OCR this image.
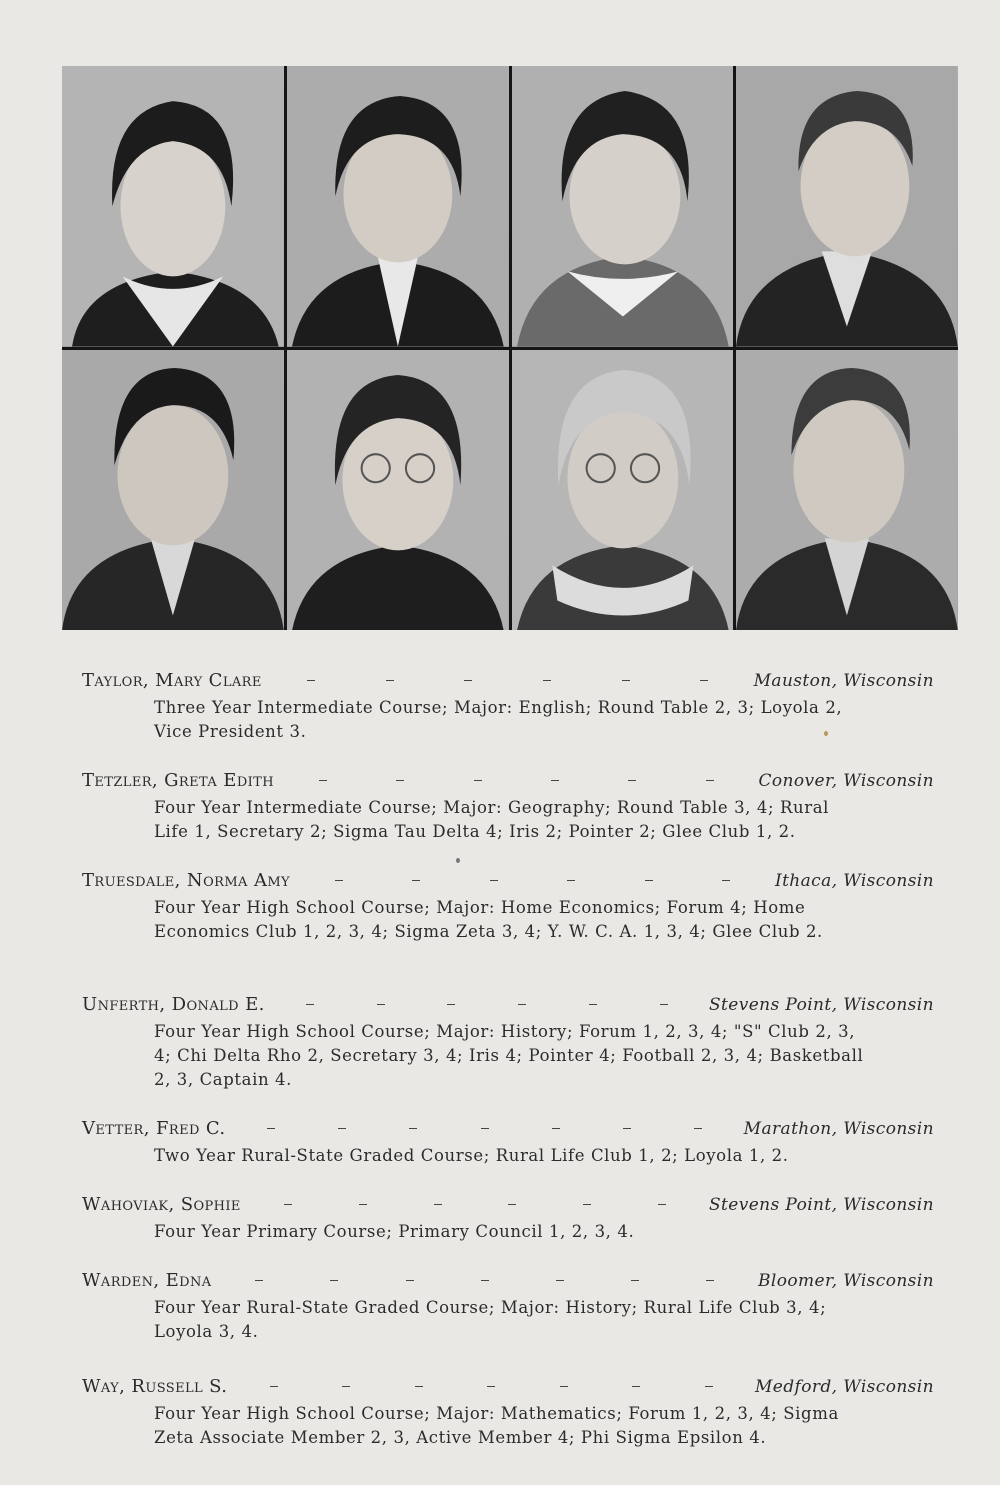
Taylor, Mary Clare	Mauston, Wisconsin
Three Year Intermediate Course; Major: English; Round Table 2, 3; Loyola 2, Vice President 3.
Tetzler, Greta Edith	Conover, Wisconsin
Four Year Intermediate Course; Major: Geography; Round Table 3, 4; Rural Life 1, Secretary 2; Sigma Tau Delta 4; Iris 2; Pointer 2; Glee Club 1, 2.
Truesdale, Norma Amy	Ithaca, Wisconsin
Four Year High School Course; Major: Home Economics; Forum 4; Home Economics Club 1, 2, 3, 4; Sigma Zeta 3, 4; Y. W. C. A. 1, 3, 4; Glee Club 2.
Unferth, Donald E.	Stevens Point, Wisconsin
Four Year High School Course; Major: History; Forum 1, 2, 3, 4; "S" Club 2, 3, 4; Chi Delta Rho 2, Secretary 3, 4; Iris 4; Pointer 4; Football 2, 3, 4; Basketball 2, 3, Captain 4.
Vetter, Fred C.	Marathon, Wisconsin
Two Year Rural-State Graded Course; Rural Life Club 1, 2; Loyola 1, 2.
Wahoviak, Sophie	Stevens Point, Wisconsin
Four Year Primary Course; Primary Council 1, 2, 3, 4.
Warden, Edna	Bloomer, Wisconsin
Four Year Rural-State Graded Course; Major: History; Rural Life Club 3, 4; Loyola 3, 4.
Way, Russell S.	Medford, Wisconsin
Four Year High School Course; Major: Mathematics; Forum 1, 2, 3, 4; Sigma Zeta Associate Member 2, 3, Active Member 4; Phi Sigma Epsilon 4.
